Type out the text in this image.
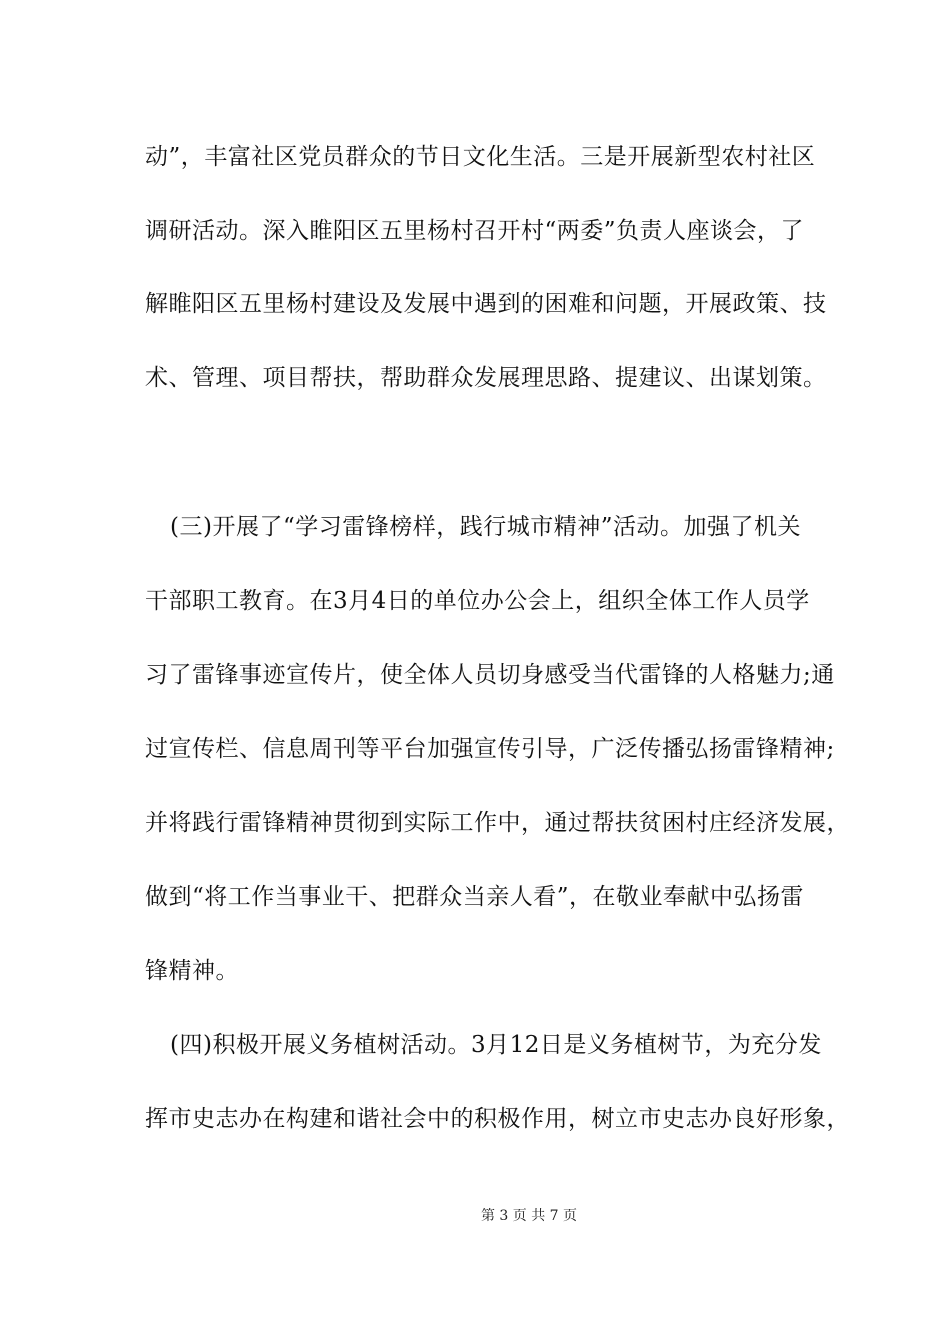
动”，丰富社区党员群众的节日文化生活。三是开展新型农村社区
调研活动。深入睢阳区五里杨村召开村“两委”负责人座谈会，了
解睢阳区五里杨村建设及发展中遇到的困难和问题，开展政策、技
术、管理、项目帮扶，帮助群众发展理思路、提建议、出谋划策。
(三)开展了“学习雷锋榜样，践行城市精神”活动。加强了机关
干部职工教育。在3月4日的单位办公会上，组织全体工作人员学
习了雷锋事迹宣传片，使全体人员切身感受当代雷锋的人格魅力;通
过宣传栏、信息周刊等平台加强宣传引导，广泛传播弘扬雷锋精神;
并将践行雷锋精神贯彻到实际工作中，通过帮扶贫困村庄经济发展，
做到“将工作当事业干、把群众当亲人看”，在敬业奉献中弘扬雷
锋精神。
(四)积极开展义务植树活动。3月12日是义务植树节，为充分发
挥市史志办在构建和谐社会中的积极作用，树立市史志办良好形象，
第 3 页 共 7 页
